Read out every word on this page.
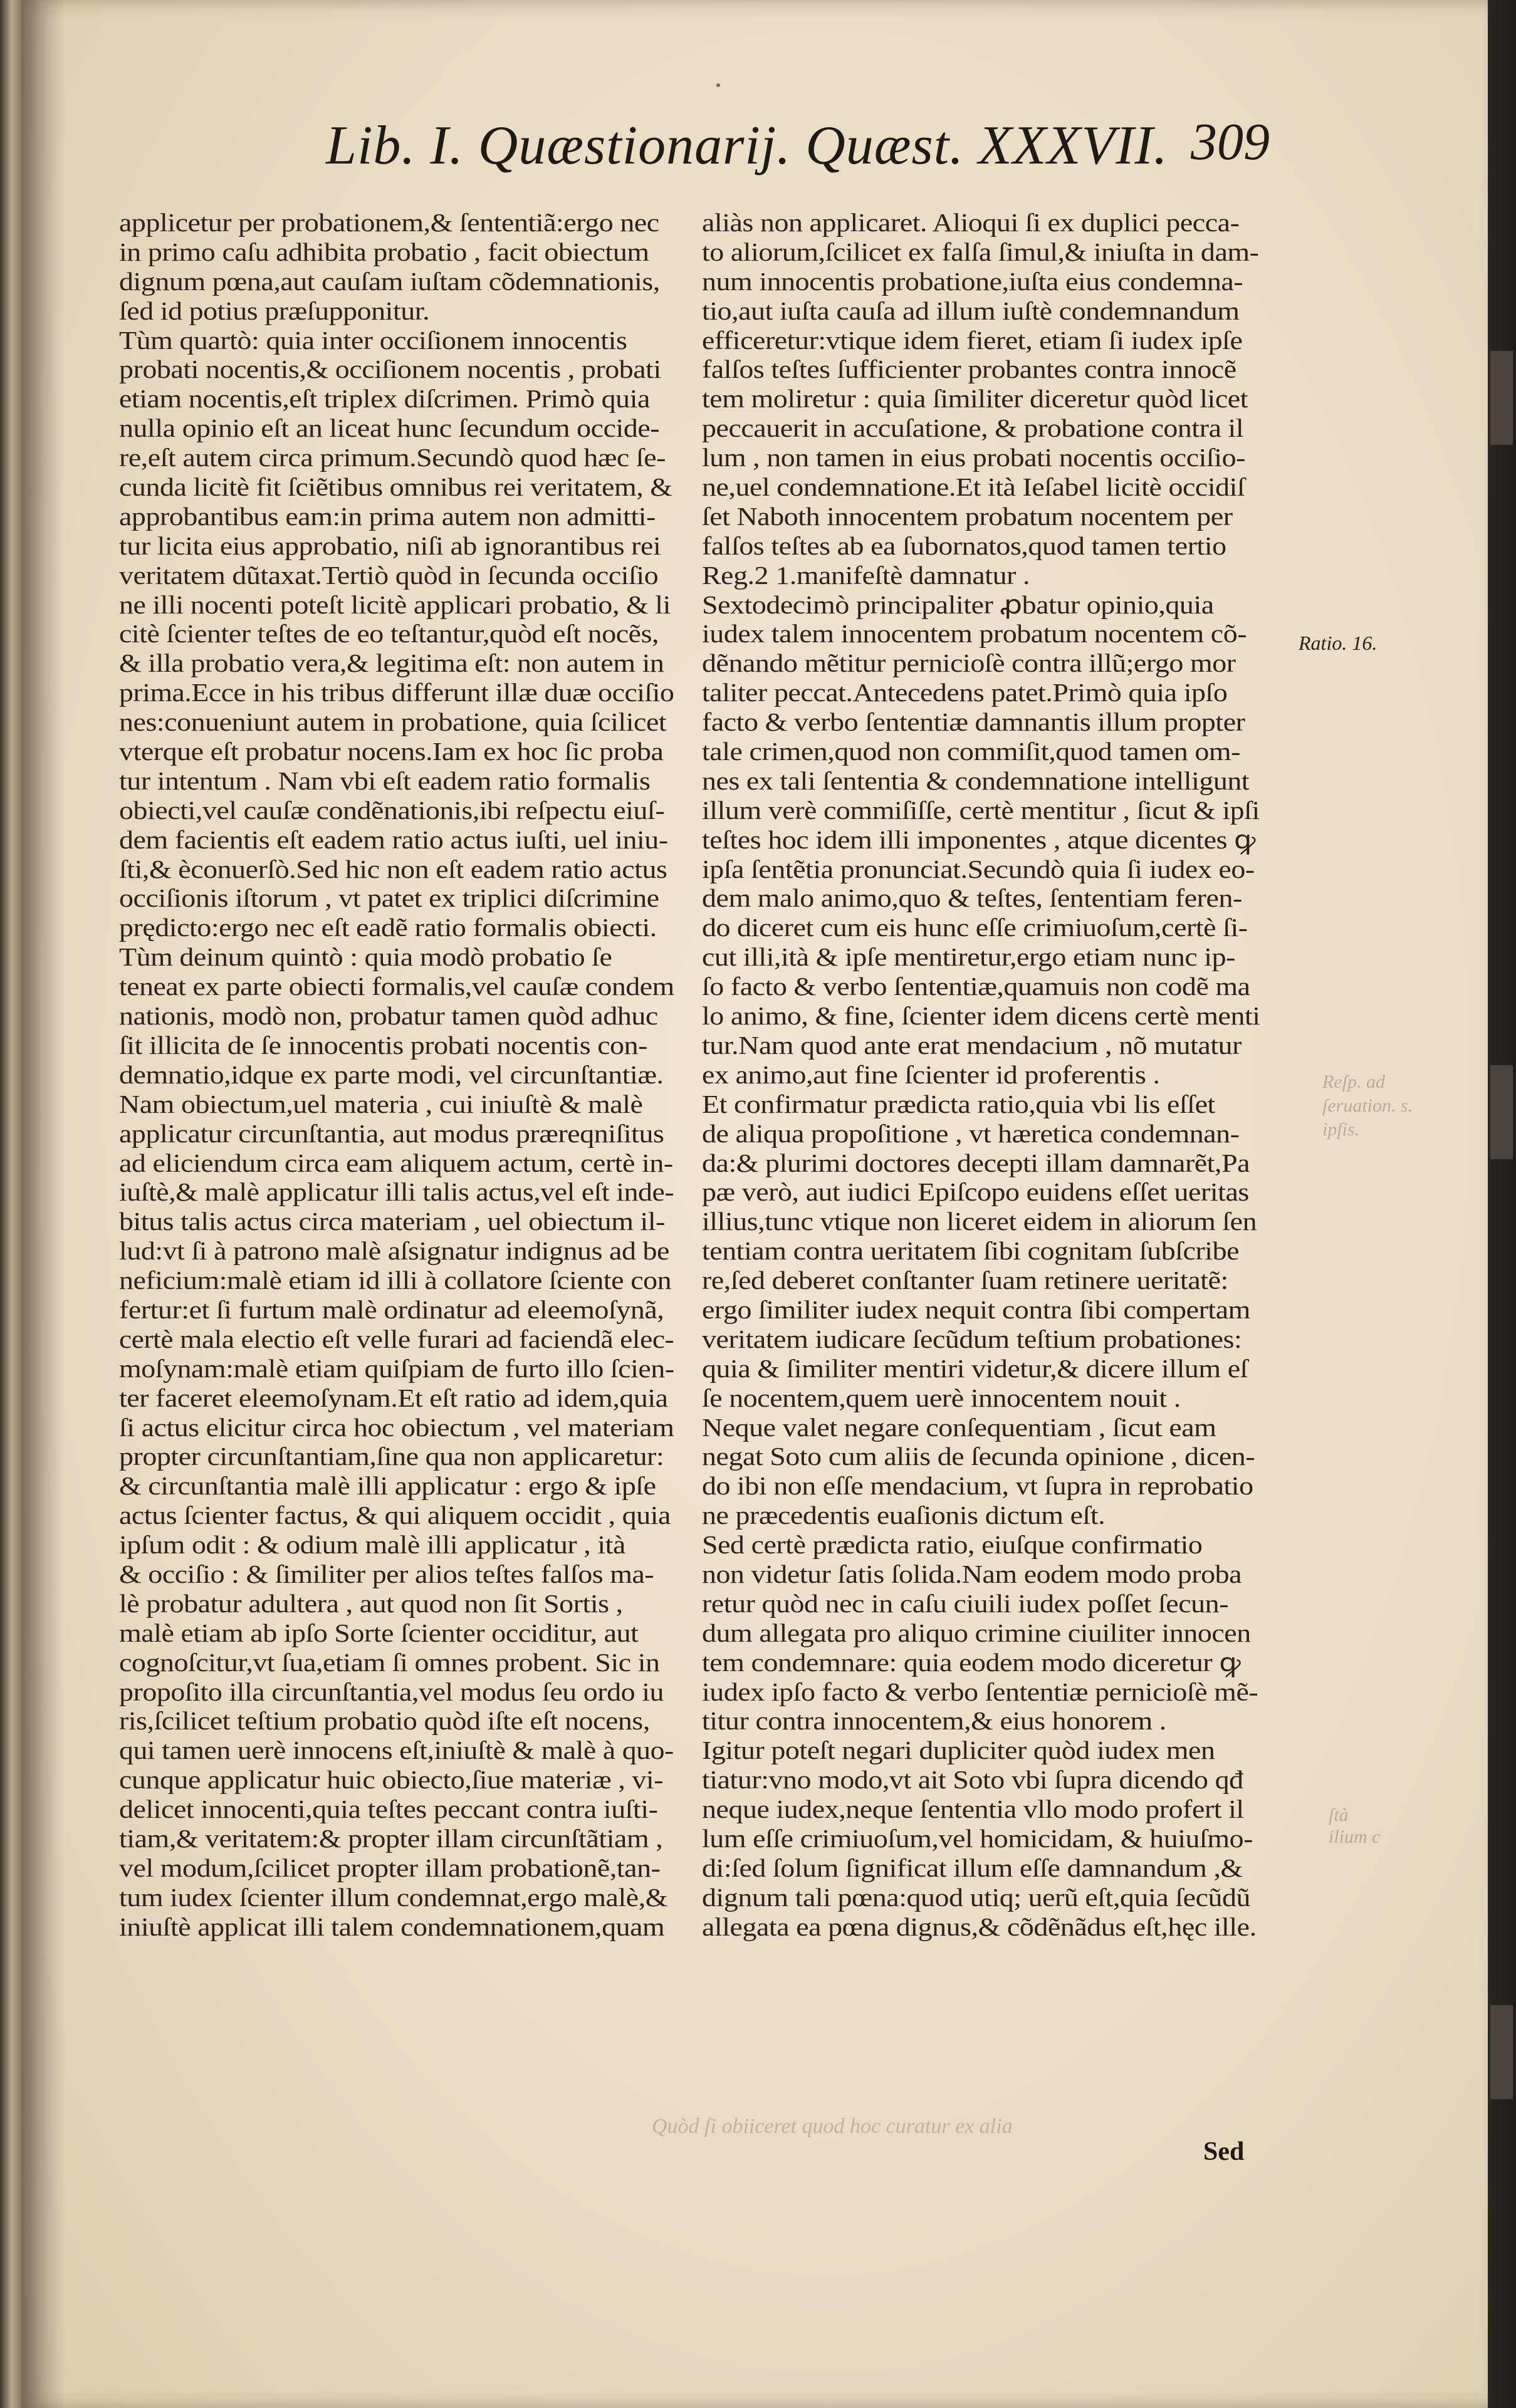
Lib. I. Quæstionarij. Quæst. XXXVII. 309
applicetur per probationem,& ſententiã:ergo nec
in primo caſu adhibita probatio , facit obiectum
dignum pœna,aut cauſam iuſtam cõdemnationis,
ſed id potius præſupponitur.
Tùm quartò: quia inter occiſionem innocentis
probati nocentis,& occiſionem nocentis , probati
etiam nocentis,eſt triplex diſcrimen. Primò quia
nulla opinio eſt an liceat hunc ſecundum occide-
re,eſt autem circa primum.Secundò quod hæc ſe-
cunda licitè fit ſciẽtibus omnibus rei veritatem, &
approbantibus eam:in prima autem non admitti-
tur licita eius approbatio, niſi ab ignorantibus rei
veritatem dũtaxat.Tertiò quòd in ſecunda occiſio
ne illi nocenti poteſt licitè applicari probatio, & li
citè ſcienter teſtes de eo teſtantur,quòd eſt nocẽs,
& illa probatio vera,& legitima eſt: non autem in
prima.Ecce in his tribus differunt illæ duæ occiſio
nes:conueniunt autem in probatione, quia ſcilicet
vterque eſt probatur nocens.Iam ex hoc ſic proba
tur intentum . Nam vbi eſt eadem ratio formalis
obiecti,vel cauſæ condẽnationis,ibi reſpectu eiuſ-
dem facientis eſt eadem ratio actus iuſti, uel iniu-
ſti,& èconuerſò.Sed hic non eſt eadem ratio actus
occiſionis iſtorum , vt patet ex triplici diſcrimine
prędicto:ergo nec eſt eadẽ ratio formalis obiecti.
Tùm deinum quintò : quia modò probatio ſe
teneat ex parte obiecti formalis,vel cauſæ condem
nationis, modò non, probatur tamen quòd adhuc
ſit illicita de ſe innocentis probati nocentis con-
demnatio,idque ex parte modi, vel circunſtantiæ.
Nam obiectum,uel materia , cui iniuſtè & malè
applicatur circunſtantia, aut modus præreqniſitus
ad eliciendum circa eam aliquem actum, certè in-
iuſtè,& malè applicatur illi talis actus,vel eſt inde-
bitus talis actus circa materiam , uel obiectum il-
lud:vt ſi à patrono malè aſsignatur indignus ad be
neficium:malè etiam id illi à collatore ſciente con
fertur:et ſi furtum malè ordinatur ad eleemoſynã,
certè mala electio eſt velle furari ad faciendã elec-
moſynam:malè etiam quiſpiam de furto illo ſcien-
ter faceret eleemoſynam.Et eſt ratio ad idem,quia
ſi actus elicitur circa hoc obiectum , vel materiam
propter circunſtantiam,ſine qua non applicaretur:
& circunſtantia malè illi applicatur : ergo & ipſe
actus ſcienter factus, & qui aliquem occidit , quia
ipſum odit : & odium malè illi applicatur , ità
& occiſio : & ſimiliter per alios teſtes falſos ma-
lè probatur adultera , aut quod non ſit Sortis ,
malè etiam ab ipſo Sorte ſcienter occiditur, aut
cognoſcitur,vt ſua,etiam ſi omnes probent. Sic in
propoſito illa circunſtantia,vel modus ſeu ordo iu
ris,ſcilicet teſtium probatio quòd iſte eſt nocens,
qui tamen uerè innocens eſt,iniuſtè & malè à quo-
cunque applicatur huic obiecto,ſiue materiæ , vi-
delicet innocenti,quia teſtes peccant contra iuſti-
tiam,& veritatem:& propter illam circunſtãtiam ,
vel modum,ſcilicet propter illam probationẽ,tan-
tum iudex ſcienter illum condemnat,ergo malè,&
iniuſtè applicat illi talem condemnationem,quam
aliàs non applicaret. Alioqui ſi ex duplici pecca-
to aliorum,ſcilicet ex falſa ſimul,& iniuſta in dam-
num innocentis probatione,iuſta eius condemna-
tio,aut iuſta cauſa ad illum iuſtè condemnandum
efficeretur:vtique idem fieret, etiam ſi iudex ipſe
falſos teſtes ſufficienter probantes contra innocẽ
tem moliretur : quia ſimiliter diceretur quòd licet
peccauerit in accuſatione, & probatione contra il
lum , non tamen in eius probati nocentis occiſio-
ne,uel condemnatione.Et ità Ieſabel licitè occidiſ
ſet Naboth innocentem probatum nocentem per
falſos teſtes ab ea ſubornatos,quod tamen tertio
Reg.2 1.manifeſtè damnatur .
Sextodecimò principaliter ꝓbatur opinio,quia
iudex talem innocentem probatum nocentem cõ-
dẽnando mẽtitur pernicioſè contra illũ;ergo mor
taliter peccat.Antecedens patet.Primò quia ipſo
facto & verbo ſententiæ damnantis illum propter
tale crimen,quod non commiſit,quod tamen om-
nes ex tali ſententia & condemnatione intelligunt
illum verè commiſiſſe, certè mentitur , ſicut & ipſi
teſtes hoc idem illi imponentes , atque dicentes ꝙ
ipſa ſentẽtia pronunciat.Secundò quia ſi iudex eo-
dem malo animo,quo & teſtes, ſententiam feren-
do diceret cum eis hunc eſſe crimiuoſum,certè ſi-
cut illi,ità & ipſe mentiretur,ergo etiam nunc ip-
ſo facto & verbo ſententiæ,quamuis non codẽ ma
lo animo, & fine, ſcienter idem dicens certè menti
tur.Nam quod ante erat mendacium , nõ mutatur
ex animo,aut fine ſcienter id proferentis .
Et confirmatur prædicta ratio,quia vbi lis eſſet
de aliqua propoſitione , vt hæretica condemnan-
da:& plurimi doctores decepti illam damnarẽt,Pa
pæ verò, aut iudici Epiſcopo euidens eſſet ueritas
illius,tunc vtique non liceret eidem in aliorum ſen
tentiam contra ueritatem ſibi cognitam ſubſcribe
re,ſed deberet conſtanter ſuam retinere ueritatẽ:
ergo ſimiliter iudex nequit contra ſibi compertam
veritatem iudicare ſecũdum teſtium probationes:
quia & ſimiliter mentiri videtur,& dicere illum eſ
ſe nocentem,quem uerè innocentem nouit .
Neque valet negare conſequentiam , ſicut eam
negat Soto cum aliis de ſecunda opinione , dicen-
do ibi non eſſe mendacium, vt ſupra in reprobatio
ne præcedentis euaſionis dictum eſt.
Sed certè prædicta ratio, eiuſque confirmatio
non videtur ſatis ſolida.Nam eodem modo proba
retur quòd nec in caſu ciuili iudex poſſet ſecun-
dum allegata pro aliquo crimine ciuiliter innocen
tem condemnare: quia eodem modo diceretur ꝙ
iudex ipſo facto & verbo ſententiæ pernicioſè mẽ-
titur contra innocentem,& eius honorem .
Igitur poteſt negari dupliciter quòd iudex men
tiatur:vno modo,vt ait Soto vbi ſupra dicendo qđ
neque iudex,neque ſententia vllo modo profert il
lum eſſe crimiuoſum,vel homicidam, & huiuſmo-
di:ſed ſolum ſignificat illum eſſe damnandum ,&
dignum tali pœna:quod utiq; uerũ eſt,quia ſecũdũ
allegata ea pœna dignus,& cõdẽnãdus eſt,hęc ille.
Ratio. 16.
Reſp. ad
ſeruation. s.
ipſis.
ſtà
ilium c
Quòd ſi obiiceret quod hoc curatur ex alia
Sed
